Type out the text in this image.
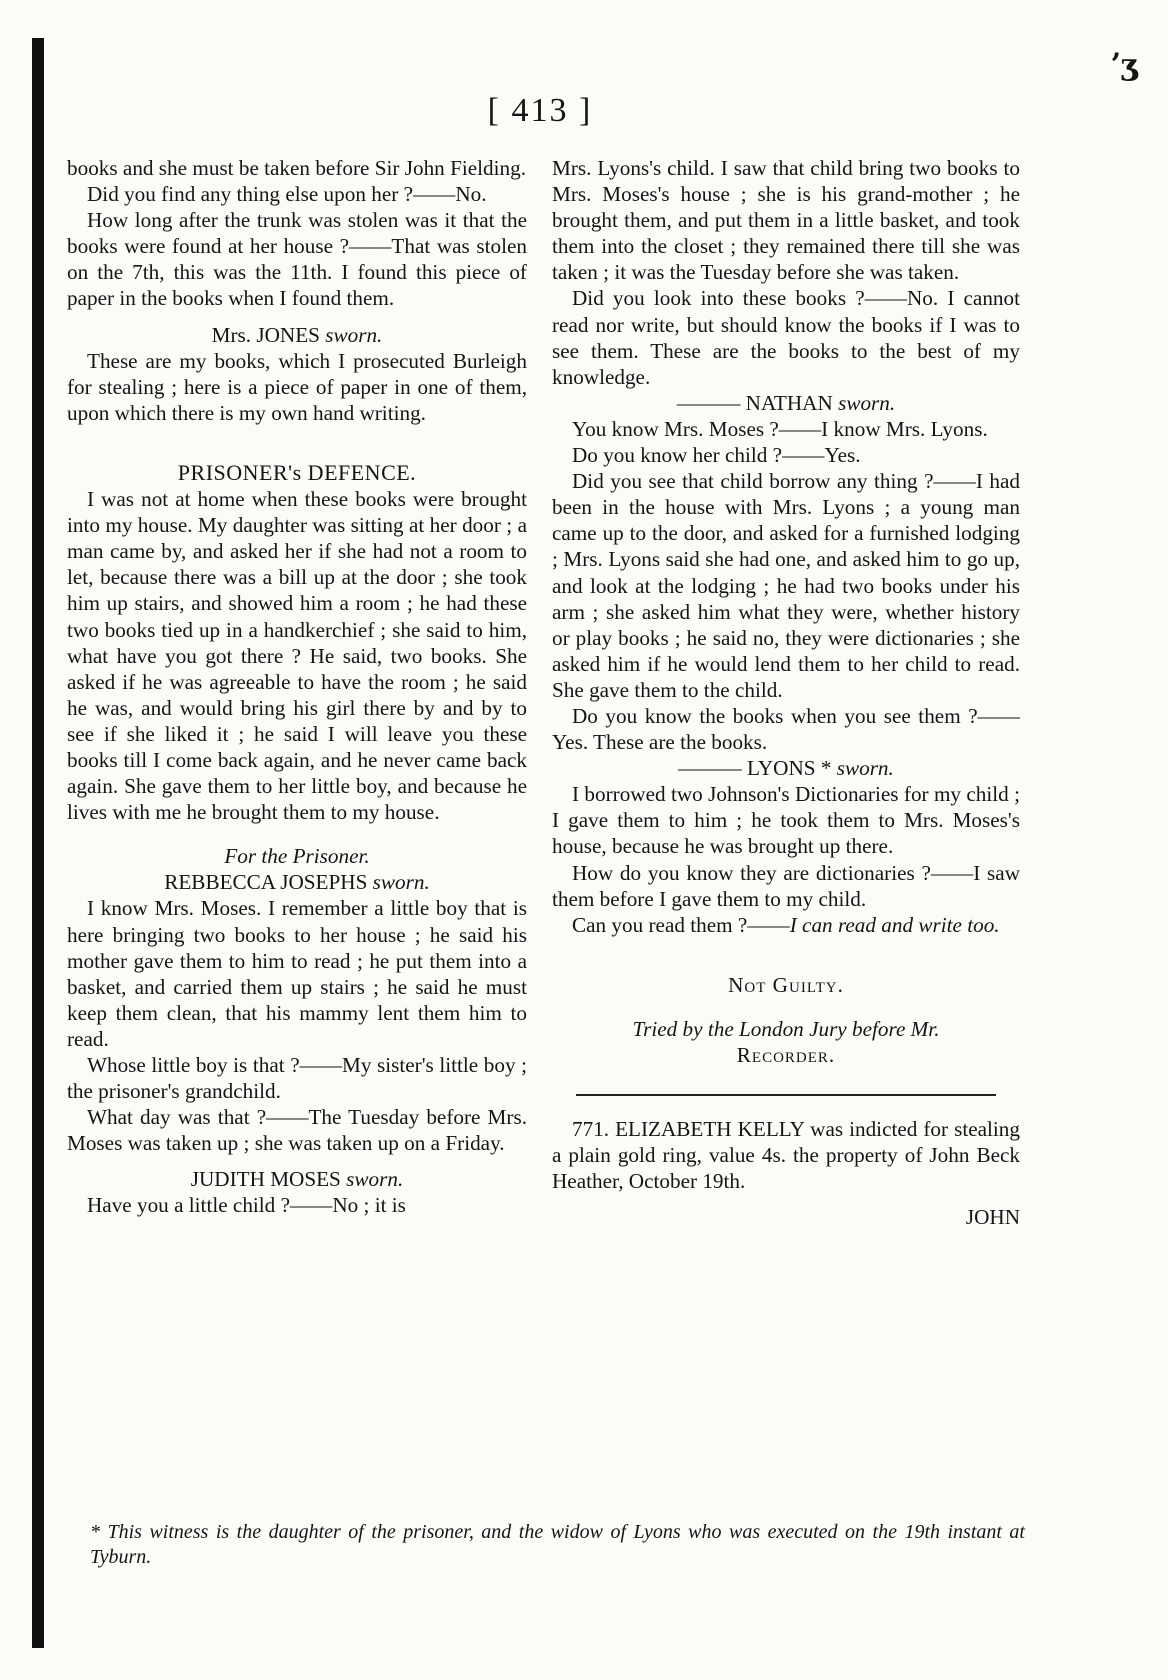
ʼʒ
[ 413 ]

books and she must be taken before Sir John Fielding.

Did you find any thing else upon her ?——No.

How long after the trunk was stolen was it that the books were found at her house ?——That was stolen on the 7th, this was the 11th. I found this piece of paper in the books when I found them.

Mrs. JONES sworn.

These are my books, which I prosecuted Burleigh for stealing ; here is a piece of paper in one of them, upon which there is my own hand writing.

PRISONER's DEFENCE.

I was not at home when these books were brought into my house. My daughter was sitting at her door ; a man came by, and asked her if she had not a room to let, because there was a bill up at the door ; she took him up stairs, and showed him a room ; he had these two books tied up in a handkerchief ; she said to him, what have you got there ? He said, two books. She asked if he was agreeable to have the room ; he said he was, and would bring his girl there by and by to see if she liked it ; he said I will leave you these books till I come back again, and he never came back again. She gave them to her little boy, and because he lives with me he brought them to my house.

For the Prisoner.

REBBECCA JOSEPHS sworn.

I know Mrs. Moses. I remember a little boy that is here bringing two books to her house ; he said his mother gave them to him to read ; he put them into a basket, and carried them up stairs ; he said he must keep them clean, that his mammy lent them him to read.

Whose little boy is that ?——My sister's little boy ; the prisoner's grandchild.

What day was that ?——The Tuesday before Mrs. Moses was taken up ; she was taken up on a Friday.

JUDITH MOSES sworn.

Have you a little child ?——No ; it is

Mrs. Lyons's child. I saw that child bring two books to Mrs. Moses's house ; she is his grand-mother ; he brought them, and put them in a little basket, and took them into the closet ; they remained there till she was taken ; it was the Tuesday before she was taken.

Did you look into these books ?——No. I cannot read nor write, but should know the books if I was to see them. These are the books to the best of my knowledge.

——— NATHAN sworn.

You know Mrs. Moses ?——I know Mrs. Lyons.

Do you know her child ?——Yes.

Did you see that child borrow any thing ?——I had been in the house with Mrs. Lyons ; a young man came up to the door, and asked for a furnished lodging ; Mrs. Lyons said she had one, and asked him to go up, and look at the lodging ; he had two books under his arm ; she asked him what they were, whether history or play books ; he said no, they were dictionaries ; she asked him if he would lend them to her child to read. She gave them to the child.

Do you know the books when you see them ?——Yes. These are the books.

——— LYONS * sworn.

I borrowed two Johnson's Dictionaries for my child ; I gave them to him ; he took them to Mrs. Moses's house, because he was brought up there.

How do you know they are dictionaries ?——I saw them before I gave them to my child.

Can you read them ?——I can read and write too.

Not Guilty.

Tried by the London Jury before Mr.

Recorder.

771. ELIZABETH KELLY was indicted for stealing a plain gold ring, value 4s. the property of John Beck Heather, October 19th.

JOHN

* This witness is the daughter of the prisoner, and the widow of Lyons who was executed on the 19th instant at Tyburn.
